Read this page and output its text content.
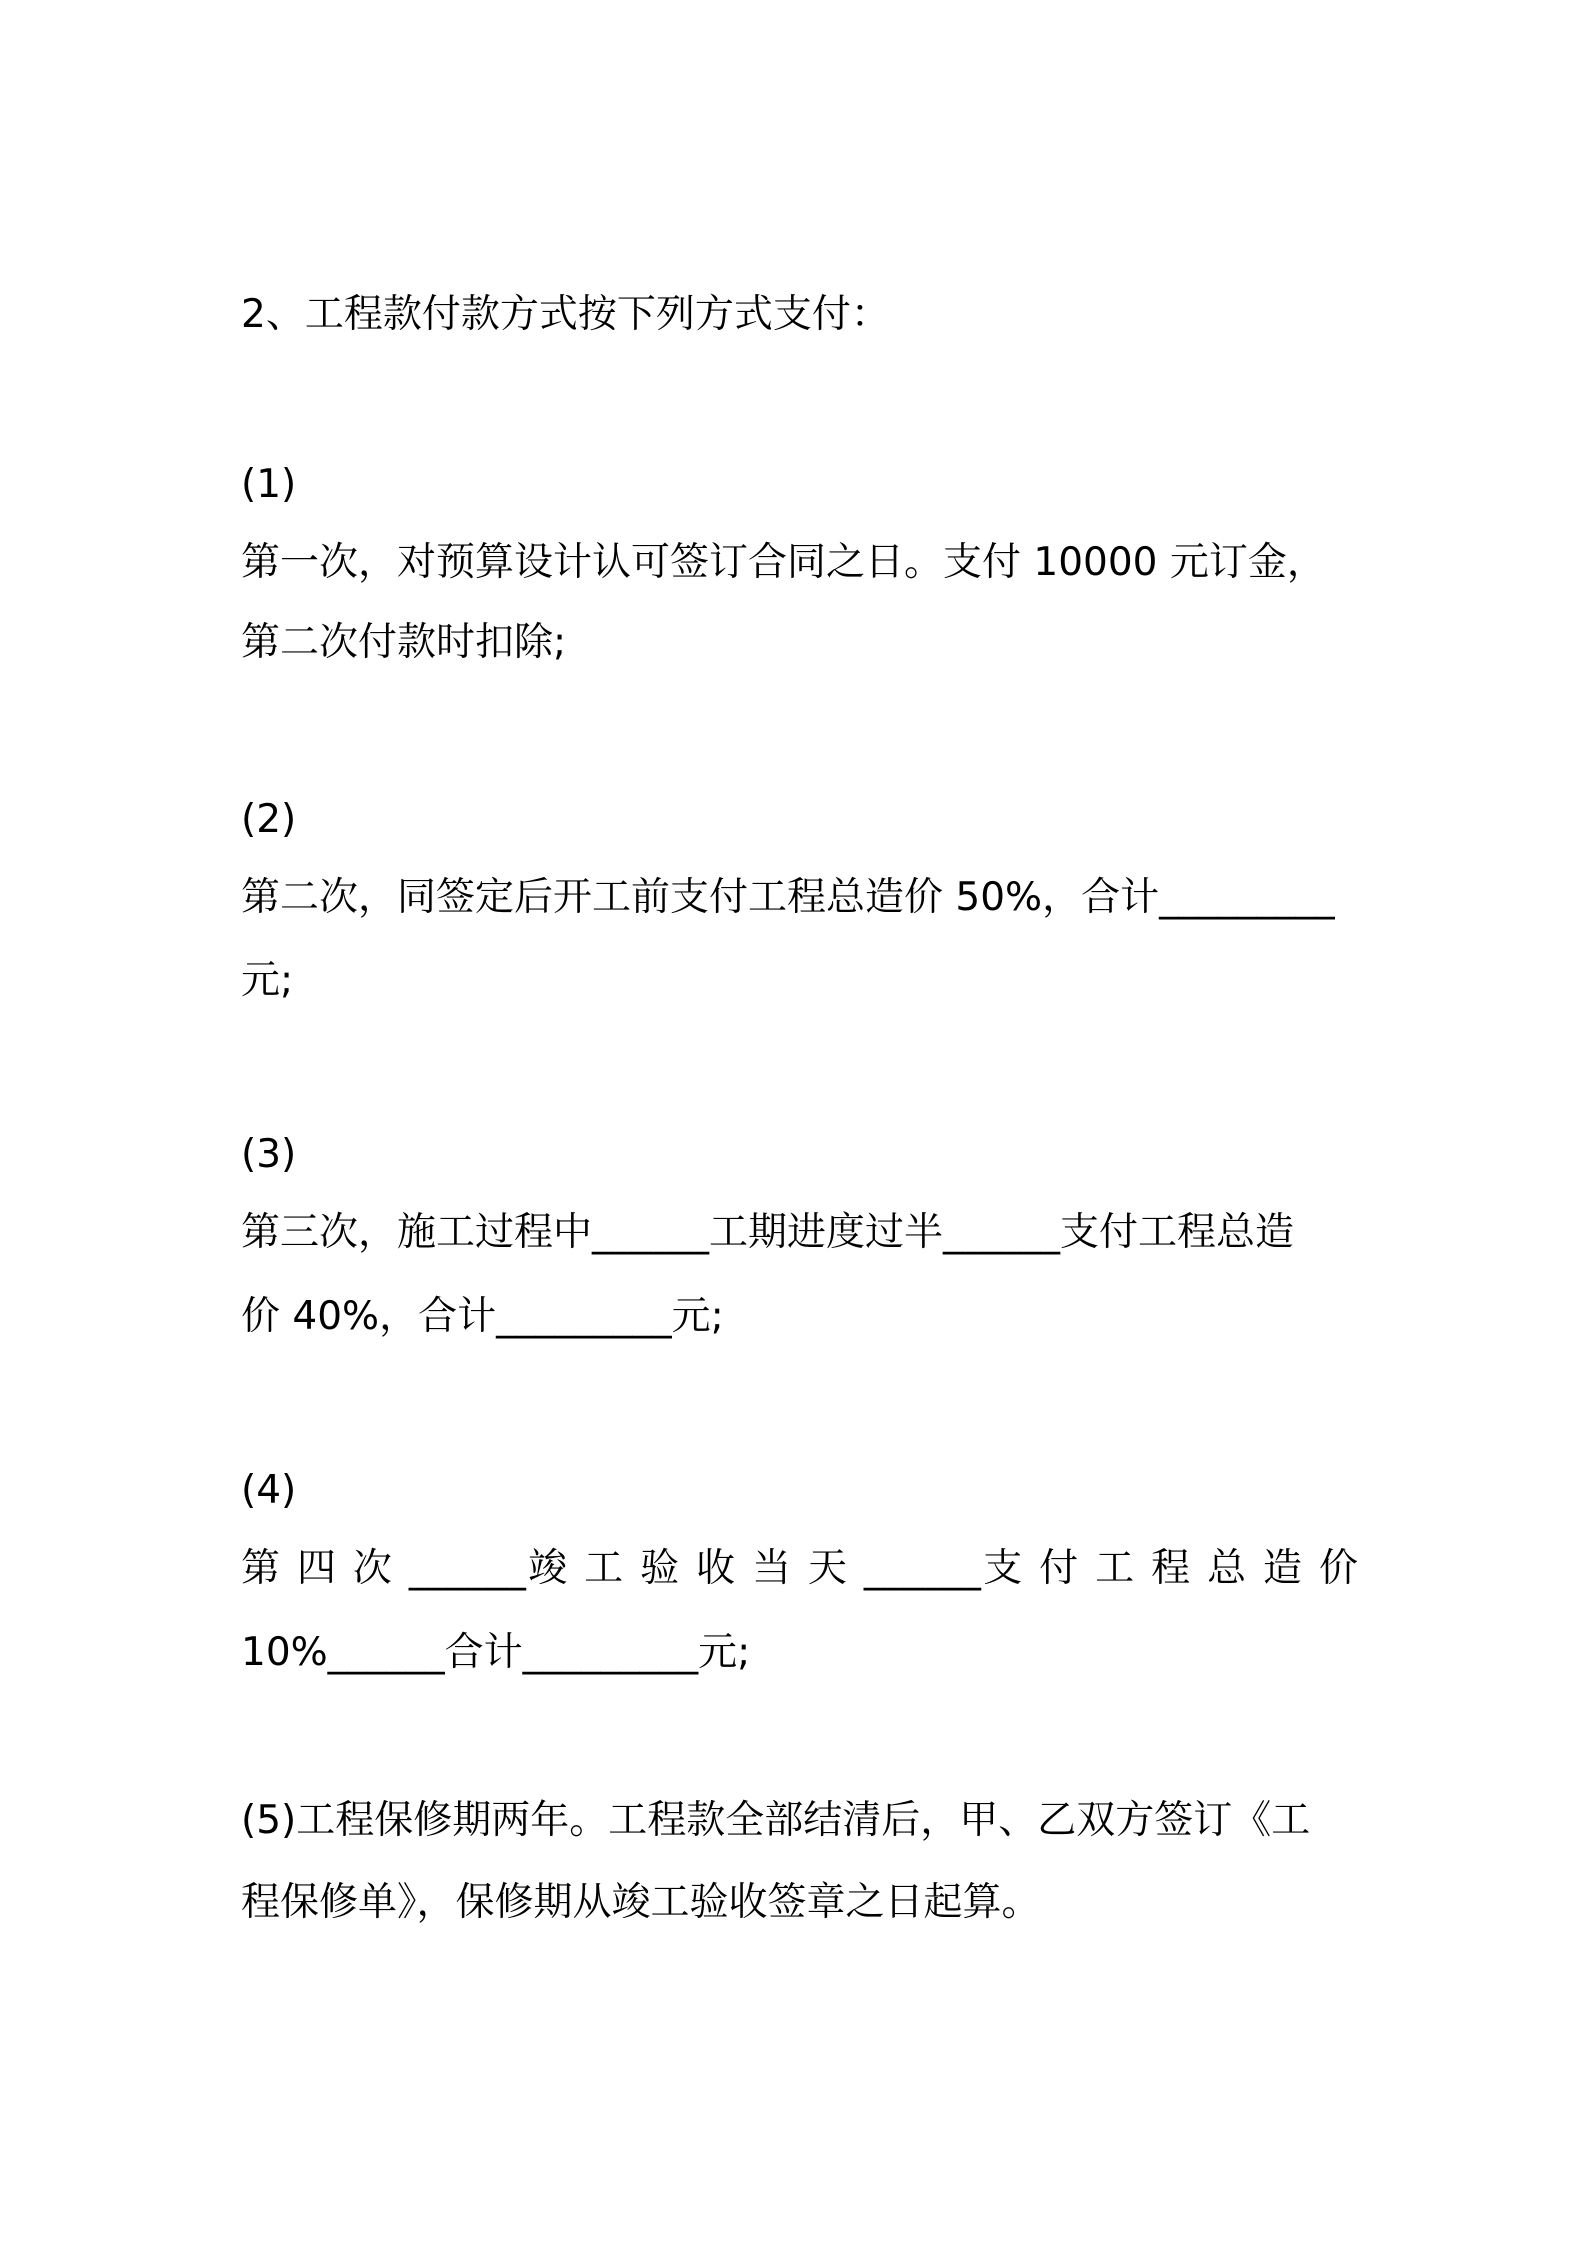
2、工程款付款方式按下列方式支付：
(1)
第一次，对预算设计认可签订合同之日。支付 10000 元订金，
第二次付款时扣除;
(2)
第二次，同签定后开工前支付工程总造价 50%，合计_________
元;
(3)
第三次，施工过程中______工期进度过半______支付工程总造
价 40%，合计_________元;
(4)
第 四 次 ______竣 工 验 收 当 天 ______支 付 工 程 总 造 价
10%______合计_________元;
(5)工程保修期两年。工程款全部结清后，甲、乙双方签订《工
程保修单》，保修期从竣工验收签章之日起算。
